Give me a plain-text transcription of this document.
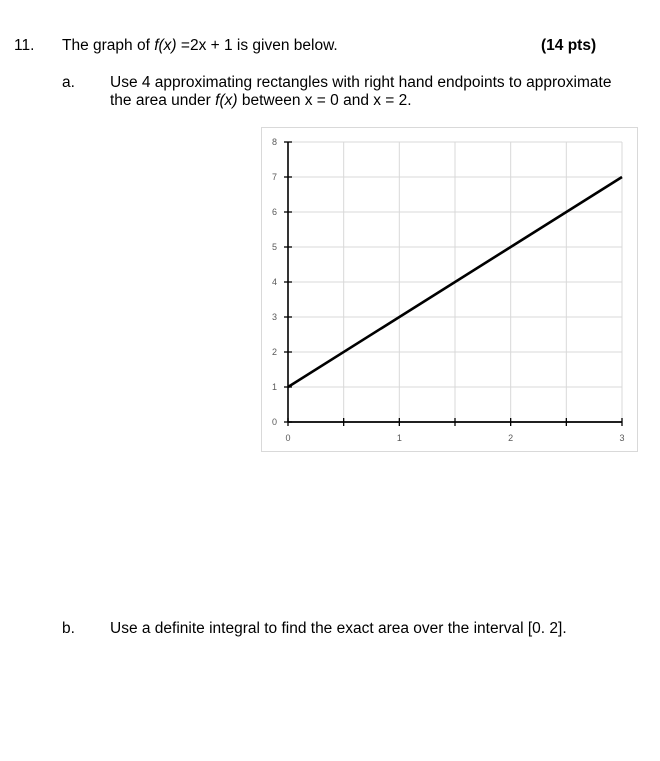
11. The graph of f(x) =2x + 1 is given below.	(14 pts)
a. Use 4 approximating rectangles with right hand endpoints to approximate
the area under f(x) between x = 0 and x = 2.
0
1
2
3
4
5
6
7
8
0	1	2	3
b. Use a definite integral to find the exact area over the interval [0. 2].
